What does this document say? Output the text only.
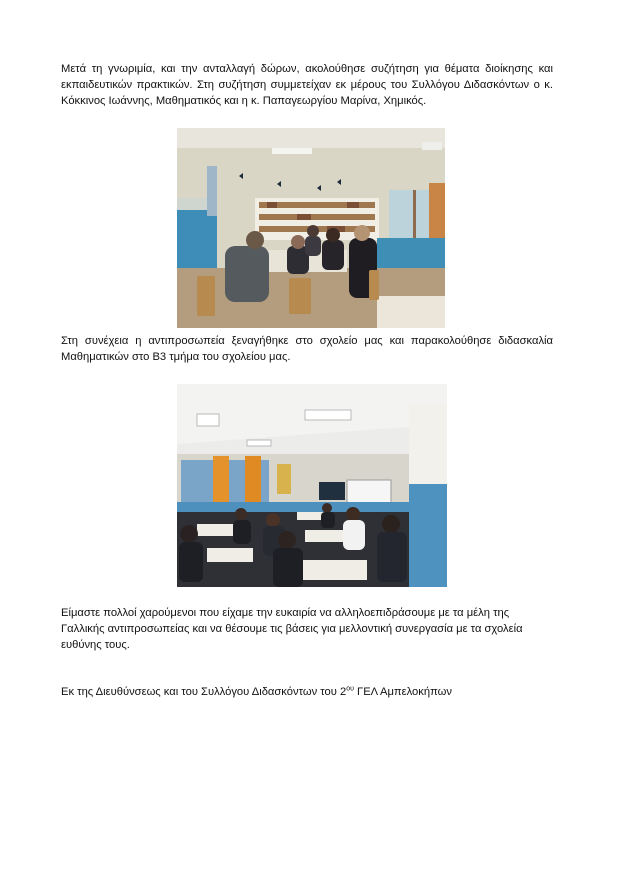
Μετά τη γνωριμία, και την ανταλλαγή δώρων, ακολούθησε συζήτηση για θέματα διοίκησης και εκπαιδευτικών πρακτικών. Στη συζήτηση συμμετείχαν εκ μέρους του Συλλόγου Διδασκόντων ο κ. Κόκκινος Ιωάννης, Μαθηματικός και η κ. Παπαγεωργίου Μαρίνα, Χημικός.

Στη συνέχεια η αντιπροσωπεία ξεναγήθηκε στο σχολείο μας και παρακολούθησε διδασκαλία Μαθηματικών στο Β3 τμήμα του σχολείου μας.

Είμαστε πολλοί χαρούμενοι που είχαμε την ευκαιρία να αλληλοεπιδράσουμε με τα μέλη της Γαλλικής αντιπροσωπείας και να θέσουμε τις βάσεις για μελλοντική συνεργασία με τα σχολεία ευθύνης τους.

Εκ της Διευθύνσεως και του Συλλόγου Διδασκόντων του $2^{o\upsilon}$ ΓΕΛ Αμπελοκήπων
